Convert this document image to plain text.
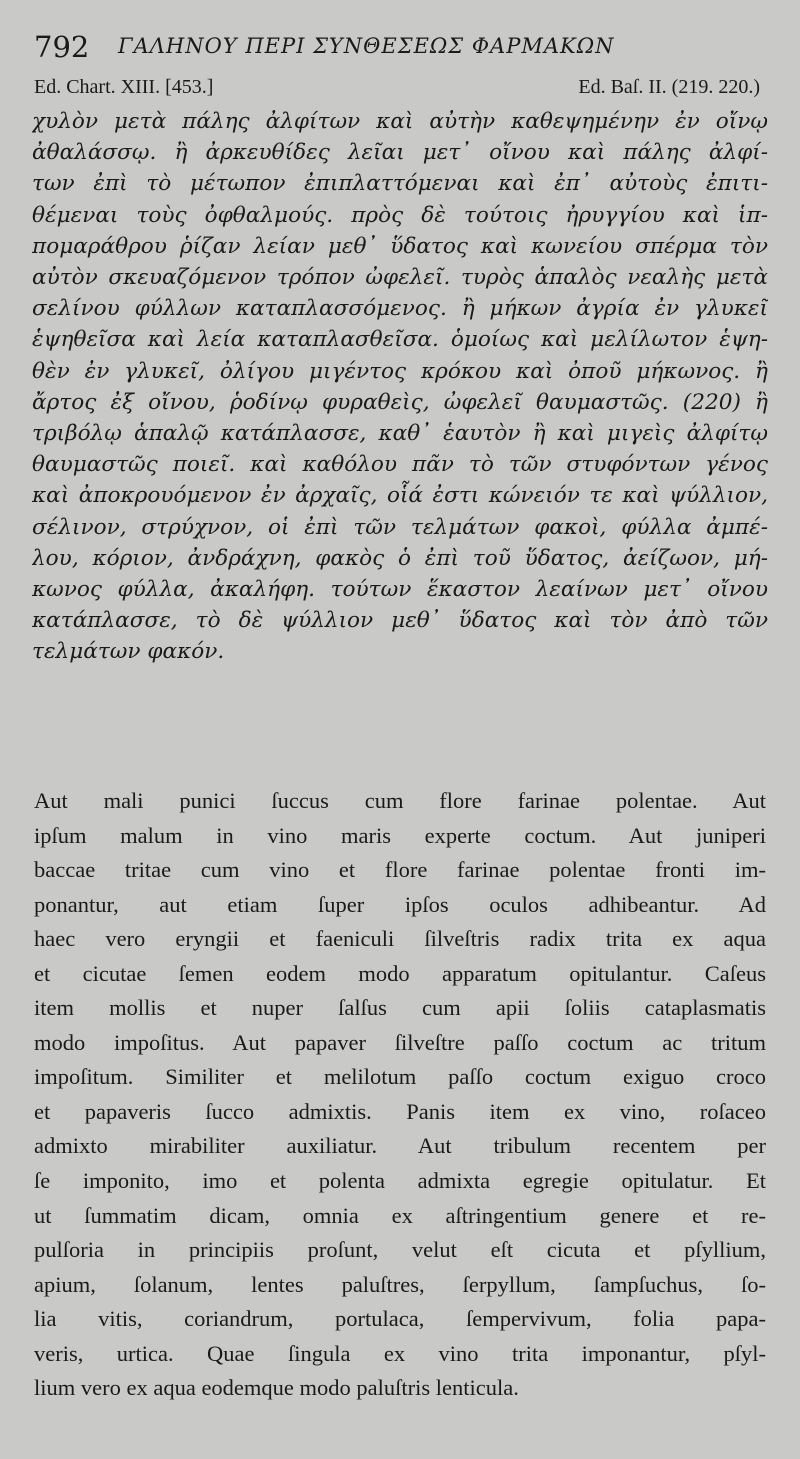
792 ΓΑΛΗΝΟΥ ΠΕΡΙ ΣΥΝΘΕΣΕΩΣ ΦΑΡΜΑΚΩΝ
Ed. Chart. XIII. [453.]	Ed. Baſ. II. (219. 220.)
χυλὸν μετὰ πάλης ἀλφίτων καὶ αὐτὴν καθεψημένην ἐν οἴνῳ
ἀθαλάσσῳ. ἢ ἀρκευθίδες λεῖαι μετ᾽ οἴνου καὶ πάλης ἀλφί-
των ἐπὶ τὸ μέτωπον ἐπιπλαττόμεναι καὶ ἐπ᾽ αὐτοὺς ἐπιτι-
θέμεναι τοὺς ὀφθαλμούς. πρὸς δὲ τούτοις ἠρυγγίου καὶ ἱπ-
πομαράθρου ῥίζαν λείαν μεθ᾽ ὕδατος καὶ κωνείου σπέρμα τὸν
αὐτὸν σκευαζόμενον τρόπον ὠφελεῖ. τυρὸς ἁπαλὸς νεαλὴς μετὰ
σελίνου φύλλων καταπλασσόμενος. ἢ μήκων ἀγρία ἐν γλυκεῖ
ἑψηθεῖσα καὶ λεία καταπλασθεῖσα. ὁμοίως καὶ μελίλωτον ἑψη-
θὲν ἐν γλυκεῖ, ὀλίγου μιγέντος κρόκου καὶ ὀποῦ μήκωνος. ἢ
ἄρτος ἐξ οἴνου, ῥοδίνῳ φυραθεὶς, ὠφελεῖ θαυμαστῶς. (220) ἢ
τριβόλῳ ἁπαλῷ κατάπλασσε, καθ᾽ ἑαυτὸν ἢ καὶ μιγεὶς ἀλφίτῳ
θαυμαστῶς ποιεῖ. καὶ καθόλου πᾶν τὸ τῶν στυφόντων γένος
καὶ ἀποκρουόμενον ἐν ἀρχαῖς, οἷά ἐστι κώνειόν τε καὶ ψύλλιον,
σέλινον, στρύχνον, οἱ ἐπὶ τῶν τελμάτων φακοὶ, φύλλα ἀμπέ-
λου, κόριον, ἀνδράχνη, φακὸς ὁ ἐπὶ τοῦ ὕδατος, ἀείζωον, μή-
κωνος φύλλα, ἀκαλήφη. τούτων ἕκαστον λεαίνων μετ᾽ οἴνου
κατάπλασσε, τὸ δὲ ψύλλιον μεθ᾽ ὕδατος καὶ τὸν ἀπὸ τῶν
τελμάτων φακόν.
Aut mali punici ſuccus cum flore farinae polentae. Aut
ipſum malum in vino maris experte coctum. Aut juniperi
baccae tritae cum vino et flore farinae polentae fronti im-
ponantur, aut etiam ſuper ipſos oculos adhibeantur. Ad
haec vero eryngii et faeniculi ſilveſtris radix trita ex aqua
et cicutae ſemen eodem modo apparatum opitulantur. Caſeus
item mollis et nuper ſalſus cum apii ſoliis cataplasmatis
modo impoſitus. Aut papaver ſilveſtre paſſo coctum ac tritum
impoſitum. Similiter et melilotum paſſo coctum exiguo croco
et papaveris ſucco admixtis. Panis item ex vino, roſaceo
admixto mirabiliter auxiliatur. Aut tribulum recentem per
ſe imponito, imo et polenta admixta egregie opitulatur. Et
ut ſummatim dicam, omnia ex aſtringentium genere et re-
pulſoria in principiis proſunt, velut eſt cicuta et pſyllium,
apium, ſolanum, lentes paluſtres, ſerpyllum, ſampſuchus, ſo-
lia vitis, coriandrum, portulaca, ſempervivum, folia papa-
veris, urtica. Quae ſingula ex vino trita imponantur, pſyl-
lium vero ex aqua eodemque modo paluſtris lenticula.
